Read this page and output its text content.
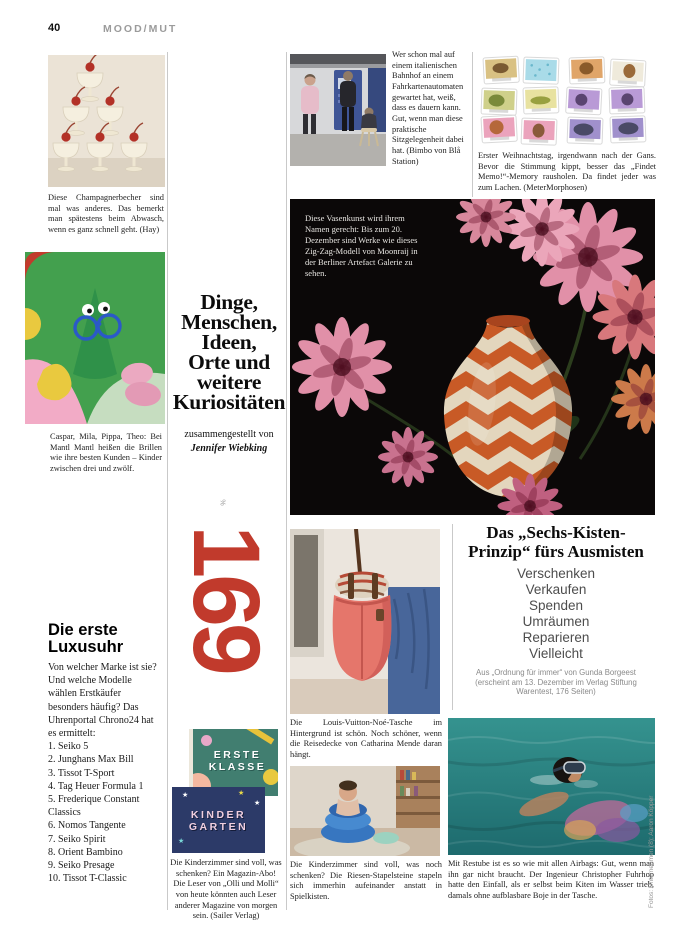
40	MOOD/MUT
Diese Champagnerbecher sind mal was anderes. Das bemerkt man spätestens beim Abwasch, wenn es ganz schnell geht. (Hay)
Caspar, Mila, Pippa, Theo: Bei Mantl Mantl heißen die Brillen wie ihre besten Kunden – Kinder zwischen drei und zwölf.
Die erste
Luxusuhr
Von welcher Marke ist sie? Und welche Modelle wählen Erstkäufer besonders häufig? Das Uhrenportal Chrono24 hat es ermittelt:
1. Seiko 5
2. Junghans Max Bill
3. Tissot T-Sport
4. Tag Heuer Formula 1
5. Frederique Constant Classics
6. Nomos Tangente
7. Seiko Spirit
8. Orient Bambino
9. Seiko Presage
10. Tissot T-Classic
Dinge,
Menschen,
Ideen,
Orte und
weitere
Kuriositäten
zusammengestellt von
Jennifer Wiebking
%
169
ERSTE
KLASSE
★	★
★
★
KINDER
GARTEN
Die Kinderzimmer sind voll, was schenken? Ein Magazin-Abo! Die Leser von „Olli und Molli“ von heute könnten auch Leser anderer Magazine von morgen sein. (Sailer Verlag)
Wer schon mal auf einem italienischen Bahnhof an einem Fahrkartenautomaten gewartet hat, weiß, dass es dauern kann. Gut, wenn man diese praktische Sitzgelegenheit dabei hat. (Bimbo von Blå Station)
Erster Weihnachtstag, irgendwann nach der Gans. Bevor die Stimmung kippt, besser das „Findet Memo!“-Memory rausholen. Da findet jeder was zum Lachen. (MeterMorphosen)
Diese Vasenkunst wird ihrem Namen gerecht: Bis zum 20. Dezember sind Werke wie dieses Zig-Zag-Modell von Moonraij in der Berliner Artefact Galerie zu sehen.
Das „Sechs-Kisten-
Prinzip“ fürs Ausmisten
Verschenken
Verkaufen
Spenden
Umräumen
Reparieren
Vielleicht
Aus „Ordnung für immer“ von Gunda Borgeest (erscheint am 13. Dezember im Verlag Stiftung Warentest, 176 Seiten)
Die Louis-Vuitton-Noé-Tasche im Hintergrund ist schön. Noch schöner, wenn die Reisedecke von Catharina Mende daran hängt.
Die Kinderzimmer sind voll, was noch schenken? Die Riesen-Stapelsteine stapeln sich immerhin aufeinander anstatt in Spielkisten.
Mit Restube ist es so wie mit allen Airbags: Gut, wenn man ihn gar nicht braucht. Der Ingenieur Christopher Fuhrhop hatte den Einfall, als er selbst beim Kiten im Wasser trieb, damals ohne aufblasbare Boje in der Tasche.	Fotos: Unternehmen (8); Aaron Köpper
